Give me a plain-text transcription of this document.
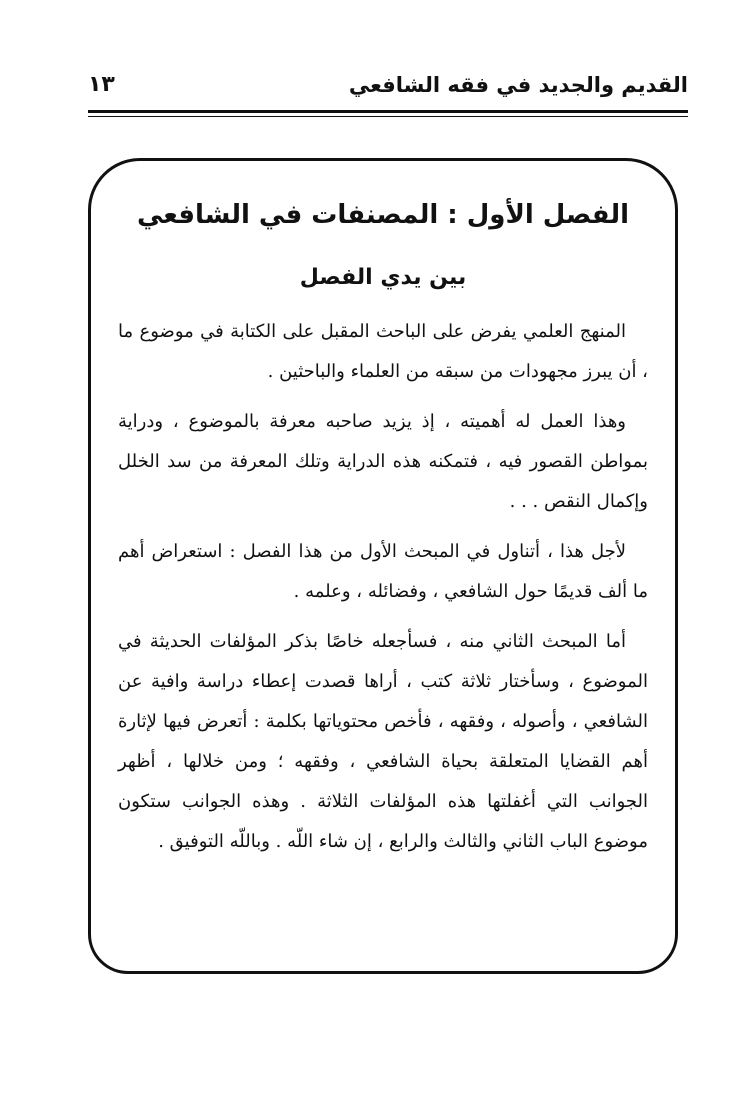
القديم والجديد في فقه الشافعي
١٣
الفصل الأول : المصنفات في الشافعي
بين يدي الفصل

المنهج العلمي يفرض على الباحث المقبل على الكتابة في موضوع ما ، أن يبرز مجهودات من سبقه من العلماء والباحثين .

وهذا العمل له أهميته ، إذ يزيد صاحبه معرفة بالموضوع ، ودراية بمواطن القصور فيه ، فتمكنه هذه الدراية وتلك المعرفة من سد الخلل وإكمال النقص . . .

لأجل هذا ، أتناول في المبحث الأول من هذا الفصل : استعراض أهم ما ألف قديمًا حول الشافعي ، وفضائله ، وعلمه .

أما المبحث الثاني منه ، فسأجعله خاصًا بذكر المؤلفات الحديثة في الموضوع ، وسأختار ثلاثة كتب ، أراها قصدت إعطاء دراسة وافية عن الشافعي ، وأصوله ، وفقهه ، فأخص محتوياتها بكلمة : أتعرض فيها لإثارة أهم القضايا المتعلقة بحياة الشافعي ، وفقهه ؛ ومن خلالها ، أظهر الجوانب التي أغفلتها هذه المؤلفات الثلاثة . وهذه الجوانب ستكون موضوع الباب الثاني والثالث والرابع ، إن شاء اللّه . وباللّه التوفيق .
